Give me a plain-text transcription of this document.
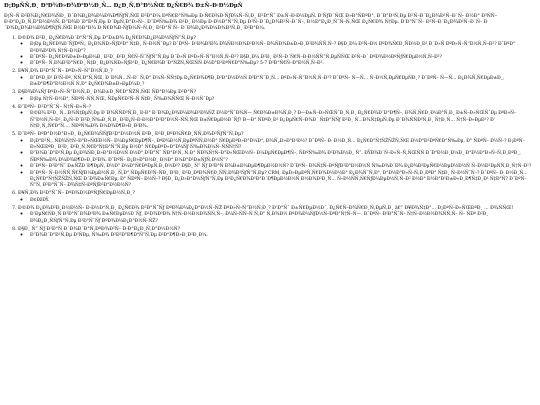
Ð¡ÐµÑÑ‚Ð¸ Ð³Ð¾Ð»Ð¾Ð²Ð½Ð¸Ñ… Ð¿Ð¸Ñ‚Ð°Ð½ÑŒ Ð¿Ñ€Ð¾ Ð±Ñ–Ð·Ð½ÐµÑ
Ð¦Ñ–Ñ Ð²Ð¾Ð¿Ñ€Ð¾ÑÐ¸ Ð´Ð¾Ð¿Ð¾Ð¼Ð¾Ð¶ÑƒÑ‚ÑŒ Ð²Ð°Ð¼ ÐºÑ€Ð°Ñ‰Ðµ Ð·Ñ€Ð¾Ð·ÑƒÐ¼Ñ–Ñ‚Ð¸ Ð²Ð°Ñˆ Ð±Ñ–Ð·Ð½ÐµÑ. Ð‘ÑƒÐ´ÑŒ Ð»Ð°ÑÐºÐ°, Ð´Ð°Ð¹Ñ‚Ðµ Ð²Ñ–Ð´Ð¿Ð¾Ð²Ñ–Ð´Ñ– Ð½Ð° Ð²ÑÑ– Ð·Ð°Ð¿Ð¸Ñ‚Ð°Ð½Ð½Ñ. Ð”Ð¾Ð´Ð°Ð¹Ñ‚Ðµ Ð´ÐµÑ‚Ð°Ð»Ñ–. Ð¯ÐºÑ‰Ð¾ Ð²Ð¸ Ð½Ðµ Ð·Ð½Ð°Ñ”Ñ‚Ðµ Ð²Ñ–Ð´Ð¿Ð¾Ð²Ñ–Ð´Ñ–, Ð½Ð°Ð¿Ð¸ÑˆÑ–Ñ‚ÑŒ Ð¿Ñ€Ð¾ Ñ†Ðµ. Ð’Ð°ÑˆÑ– Ð²Ñ–Ð´Ð¿Ð¾Ð²Ñ–Ð´Ñ– Ð´Ð¾Ð¿Ð¾Ð¼Ð¾Ð¶ÑƒÑ‚ÑŒ Ð½Ð°Ð¼ Ð·Ñ€Ð¾Ð·ÑƒÐ¼Ñ–Ñ‚Ð¸ Ð²Ð°Ñ Ñ– Ð´Ð¾Ð¿Ð¾Ð¼Ð¾Ð³Ñ‚Ð¸ Ð²Ð°Ð¼.
1. Ð©Ð¾ Ð²Ð¸ Ð¿Ñ€Ð¾Ð´Ð°Ñ”Ñ‚Ðµ Ð°Ð±Ð¾ Ð¿Ñ€Ð¾Ð¿Ð¾Ð½ÑƒÑ”Ñ‚Ðµ?
◦ Ð¦Ðµ Ð¿Ñ€Ð¾Ð´ÑƒÐºÑ‚, Ð¿Ð¾ÑÐ»ÑƒÐ³Ð° Ñ‡Ð¸ Ñ–Ð½ÑˆÐµ? Ð¯ÐºÑ– Ð¹Ð¾Ð³Ð¾ Ð¾ÑÐ½Ð¾Ð²Ð½Ñ– Ð¾ÑÐ¾Ð±Ð»Ð¸Ð²Ð¾ÑÑ‚Ñ–? Ð§Ð¸Ð¼ Ð²Ñ–Ð½ ÐºÐ¾Ñ€Ð¸ÑÐ½Ð¸Ð¹ Ð´Ð»Ñ ÐºÐ»Ñ–Ñ”Ð½Ñ‚Ñ–Ð²? Ð¯ÐºÐ° Ð¹Ð¾Ð³Ð¾ Ñ†Ñ–Ð½Ð°?
◦ Ð¯ÐºÑ– Ð¿Ñ€Ð¾Ð±Ð»ÐµÐ¼Ð¸ Ð²Ð¸ Ð²Ð¸Ñ€Ñ–ÑˆÑƒÑ”Ñ‚Ðµ Ð´Ð»Ñ ÐºÐ»Ñ–Ñ”Ð½Ñ‚Ñ–Ð²? Ð§Ð¸Ð¼ Ð²Ð¸ Ð²Ñ–Ð´Ñ€Ñ–Ð·Ð½ÑÑ”Ñ‚ÐµÑÑŒ Ð²Ñ–Ð´ ÐºÐ¾Ð½ÐºÑƒÑ€ÐµÐ½Ñ‚Ñ–Ð²?
◦ Ð¯ÐºÑ– Ñ‚Ð¾Ð²Ð°Ñ€Ð¸ Ñ‡Ð¸ Ð¿Ð¾ÑÐ»ÑƒÐ³Ð¸ Ð¿Ñ€Ð¾Ð´Ð°ÑŽÑ‚ÑŒÑÑ Ð½Ð°Ð¹ÐºÑ€Ð°Ñ‰Ðµ? 5-7 Ð²Ð°Ñ€Ñ–Ð°Ð½Ñ‚Ñ–Ð².
2. Ð¥Ñ‚Ð¾ Ð²Ð°ÑˆÑ– ÐºÐ»Ñ–Ñ”Ð½Ñ‚Ð¸?
◦ Ð¯ÐºÐ¸Ð¹ Ð²Ñ–Ðº, ÑÑ‚Ð°Ñ‚ÑŒ, Ð´Ð¾Ñ…Ñ–Ð´ Ñ‚Ð° Ð¼Ñ–ÑÑ†Ðµ Ð¿Ñ€Ð¾Ð¶Ð¸Ð²Ð°Ð½Ð½Ñ Ð²Ð°ÑˆÐ¸Ñ… ÐºÐ»Ñ–Ñ”Ð½Ñ‚Ñ–Ð²? Ð¯ÐºÑ– Ñ—Ñ… Ñ–Ð½Ñ‚ÐµÑ€ÐµÑÐ¸? Ð¯ÐºÑ– Ñ—Ñ… Ð¿Ð¾Ñ‚Ñ€ÐµÐ±Ð¸, Ð±Ð°Ð¶Ð°Ð½Ð½Ñ Ñ‚Ð° Ð¿Ñ€Ð¾Ð±Ð»ÐµÐ¼Ð¸?
3. Ð§Ð¾Ð¼Ñƒ ÐºÐ»Ñ–Ñ”Ð½Ñ‚Ð¸ Ð¾Ð±Ð¸Ñ€Ð°ÑŽÑ‚ÑŒ ÑÐ°Ð¼Ðµ Ð²Ð°Ñ?
◦ Ð¦Ðµ Ñ†Ñ–Ð½Ð°, ÑÐºÑ–ÑÑ‚ÑŒ, ÑÐµÑ€Ð²Ñ–Ñ Ñ‡Ð¸ Ñ‰Ð¾ÑÑŒ Ñ–Ð½ÑˆÐµ?
4. Ð¯ÐºÑ– Ð²Ð°ÑˆÑ– Ñ†Ñ–Ð»Ñ–?
◦ Ð©Ð¾ Ð²Ð¸ Ñ…Ð¾Ñ‡ÐµÑ‚Ðµ Ð´Ð¾ÑÑÐ³Ñ‚Ð¸ Ð·Ð° Ð´Ð¾Ð¿Ð¾Ð¼Ð¾Ð³Ð¾ÑŽ Ð½Ð°ÑˆÐ¾Ñ— Ñ€Ð¾Ð±Ð¾Ñ‚Ð¸? Ð—Ð±Ñ–Ð»ÑŒÑˆÐ¸Ñ‚Ð¸ Ð¿Ñ€Ð¾Ð´Ð°Ð¶Ñ–, Ð¾Ñ‚Ñ€Ð¸Ð¼Ð°Ñ‚Ð¸ Ð±Ñ–Ð»ÑŒÑˆÐµ ÐºÐ»Ñ–Ñ”Ð½Ñ‚Ñ–Ð², Ð¿Ñ–Ð´Ð²Ð¸Ñ‰Ð¸Ñ‚Ð¸ Ð²Ð¿Ñ–Ð·Ð½Ð°Ð²Ð°Ð½Ñ–ÑÑ‚ÑŒ Ð±Ñ€ÐµÐ½Ð´Ñƒ? Ð—Ð° ÑÐºÐ¸Ð¹ Ð¿ÐµÑ€Ñ–Ð¾Ð´ Ñ‡Ð°ÑÑƒ Ð²Ð¸ Ñ…Ð¾Ñ‡ÐµÑ‚Ðµ Ð´Ð¾ÑÑÐ³Ñ‚Ð¸ Ñ†Ð¸Ñ… Ñ†Ñ–Ð»ÐµÐ¹? Ð’ Ñ†Ð¸Ñ„Ñ€Ð°Ñ…, ÑÐºÑ‰Ð¾ Ð¼Ð¾Ð¶Ð»Ð¸Ð²Ð¾.
5. Ð¯ÐºÑ– ÐºÐ°Ð½Ð°Ð»Ð¸ Ð¿Ñ€Ð¾ÑÑƒÐ²Ð°Ð½Ð½Ñ Ð²Ð¸ Ð²Ð¸ÐºÐ¾Ñ€Ð¸ÑÑ‚Ð¾Ð²ÑƒÑ”Ñ‚Ðµ?
◦ Ð¡Ð°Ð¹Ñ‚, ÑÐ¾Ñ†Ñ–Ð°Ð»ÑŒÐ½Ñ– Ð¼ÐµÑ€ÐµÐ¶Ñ–, ÐºÐ¾Ð½Ñ‚ÐµÐºÑÑ‚Ð½Ð° Ñ€ÐµÐºÐ»Ð°Ð¼Ð°, Ð¾Ñ„Ð»Ð°Ð¹Ð½? Ð¯ÐºÑ– Ð· Ð½Ð¸Ñ… Ð¿Ñ€Ð°Ñ†ÑŽÑŽÑ‚ÑŒ Ð½Ð°Ð¹ÐºÑ€Ð°Ñ‰Ðµ, Ð° ÑÐºÑ– Ð½Ñ–? Ð¡ÐºÑ–Ð»ÑŒÐºÐ¸ Ð²Ð¸ Ð²Ð¸Ñ‚Ñ€Ð°Ñ‡Ð°Ñ”Ñ‚Ðµ Ð½Ð° Ñ€ÐµÐºÐ»Ð°Ð¼Ñƒ Ñ‰Ð¾Ð¼Ñ–ÑÑÑ†Ñ?
◦ Ð”Ð¾Ð´Ð°Ð¹Ñ‚Ðµ Ð¿Ð¾ÑÐ¸Ð»Ð°Ð½Ð½Ñ Ð½Ð° Ð²Ð°Ñˆ ÑÐ°Ð¹Ñ‚ Ñ‚Ð° ÑÐ¾Ñ†Ñ–Ð°Ð»ÑŒÐ½Ñ– Ð¼ÐµÑ€ÐµÐ¶Ñ–, ÑÐºÑ‰Ð¾ Ð²Ð¾Ð½Ð¸ Ñ”. ÐŸÐ¾Ð´Ñ–Ð»Ñ–Ñ‚ÑŒÑÑ Ð´Ð°Ð½Ð¸Ð¼Ð¸ Ð°Ð½Ð°Ð»Ñ–Ñ‚Ð¸ÐºÐ¸, ÑÐºÑ‰Ð¾ Ð¼Ð¾Ð¶Ð»Ð¸Ð²Ð¾. Ð¯ÐºÑ– Ð¿Ð»Ð°Ð½Ð¸ Ð½Ð° Ð¼Ð°Ð¹Ð±ÑƒÑ‚Ð½Ñ”?
◦ Ð¯ÐºÑ– Ð²Ð°Ñˆ Ð±ÑŽÐ´Ð¶ÐµÑ‚ Ð½Ð° Ð¼Ð°Ñ€ÐºÐµÑ‚Ð¸Ð½Ð³? Ð§Ð¸ Ñ” Ñƒ Ð²Ð°Ñ Ð¾Ð±Ð¼ÐµÐ¶ÐµÐ½Ð½Ñ? Ð¯ÐºÑ– Ð¾Ñ‡Ñ–ÐºÑƒÐ²Ð°Ð½Ð½Ñ Ñ‰Ð¾Ð´Ð¾ Ð¿Ð¾Ð²ÐµÑ€Ð½ÐµÐ½Ð½Ñ Ñ–Ð½Ð²ÐµÑÑ‚Ð¸Ñ†Ñ–Ð¹?
◦ Ð¯ÐºÑ– Ñ–Ð½ÑÑ‚Ñ€ÑƒÐ¼ÐµÐ½Ñ‚Ð¸ Ñ‚Ð° ÑÐµÑ€Ð²Ñ–ÑÐ¸ Ð²Ð¸ Ð²Ð¸ÐºÐ¾Ñ€Ð¸ÑÑ‚Ð¾Ð²ÑƒÑ”Ñ‚Ðµ? CRM, ÐµÐ»ÐµÐºÑ‚Ñ€Ð¾Ð½Ð½Ð° Ð¿Ð¾ÑˆÑ‚Ð°, Ð°Ð½Ð°Ð»Ñ–Ñ‚Ð¸ÐºÐ° Ñ‡Ð¸ Ñ–Ð½ÑˆÑ–? Ð¯ÐºÑ– Ð· Ð½Ð¸Ñ… Ð¿Ñ€Ð°Ñ†ÑŽÑŽÑ‚ÑŒ Ð´Ð¾Ð±Ñ€Ðµ, Ð° ÑÐºÑ– Ð½Ñ–? Ð§Ð¸ Ð¿Ð»Ð°Ð½ÑƒÑ”Ñ‚Ðµ Ð²Ð¿Ñ€Ð¾Ð²Ð°Ð´Ð¶ÐµÐ½Ð½Ñ Ð½Ð¾Ð²Ð¸Ñ… Ñ–Ð½ÑÑ‚Ñ€ÑƒÐ¼ÐµÐ½Ñ‚Ñ–Ð² Ð½Ð° Ð½Ð°Ð¹Ð±Ð»Ð¸Ð¶Ñ‡Ð¸Ð¹ Ñ‡Ð°Ñ? Ð¯ÐºÑ– Ñ”Ñ‚ Ð²Ð°ÑˆÑ– Ð¾Ñ‡Ñ–ÐºÑƒÐ²Ð°Ð½Ð½Ñ?
6. Ð¥Ñ‚Ð¾ Ð²Ð°ÑˆÑ– ÐºÐ¾Ð½ÐºÑƒÑ€ÐµÐ½Ñ‚Ð¸?
◦ Ð¢ÐžÐŸ.
7. Ð©Ð¾ Ð¿Ð¾Ð²Ð¸Ð½Ð½Ñ– Ð·Ð½Ð°Ñ‚Ð¸ Ð¿Ñ€Ð¾ Ð²Ð°ÑˆÑƒ ÐºÐ¾Ð¼Ð¿Ð°Ð½Ñ–ÑŽ ÐºÐ»Ñ–Ñ”Ð½Ñ‚Ð¸? Ð’Ð°Ñˆ Ð±Ñ€ÐµÐ½Ð´, Ð¿Ñ€Ñ–Ð¾Ñ€Ð¸Ñ‚ÐµÑ‚Ð¸ â€” Ð¥Ð¾Ñ‡Ð°... Ð¡ÐºÑ–Ð»ÑŒÐºÐ¸ ... Ð¾ÑÑŒ!
◦ Ð’ÐµÑ€ÑÐ¸Ñ Ð²Ð°ÑˆÐ¾Ð³Ð¾ Ð±Ñ€ÐµÐ½Ð´Ñƒ, Ð¹Ð¾Ð³Ð¾ Ñ†Ñ–Ð½Ð½Ð¾ÑÑ‚Ñ–, Ð¼Ñ–ÑÑ–Ñ Ñ‚Ð° Ñ‚Ð¾Ð½ ÐºÐ¾Ð¼ÑƒÐ½Ñ–ÐºÐ°Ñ†Ñ–Ñ—. Ð¯ÐºÑ– Ð²Ð°ÑˆÑ– Ñ†Ñ–Ð½Ð½Ð¾ÑÑ‚Ñ– Ñ– ÑÐº Ð²Ð¸ Ð¾Ð¿Ð¸ÑÑƒÑ”Ñ‚Ðµ Ð²Ð°ÑˆÑƒ ÐºÐ¾Ð¼Ð¿Ð°Ð½Ñ–ÑŽ?
8. Ð§Ð¸ Ñ” Ñƒ Ð²Ð°Ñ Ð´Ð¾Ð´Ð°Ñ‚ÐºÐ¾Ð²Ñ– Ð·Ð°Ð¿Ð¸Ñ‚Ð°Ð½Ð½Ñ?
◦ Ð”Ð¾Ð´Ð°Ð¹Ñ‚Ðµ Ð²ÑÐµ, Ñ‰Ð¾ Ð²Ð²Ð°Ð¶Ð°Ñ”Ñ‚Ðµ Ð²Ð°Ð¶Ð»Ð¸Ð²Ð¸Ð¼.
